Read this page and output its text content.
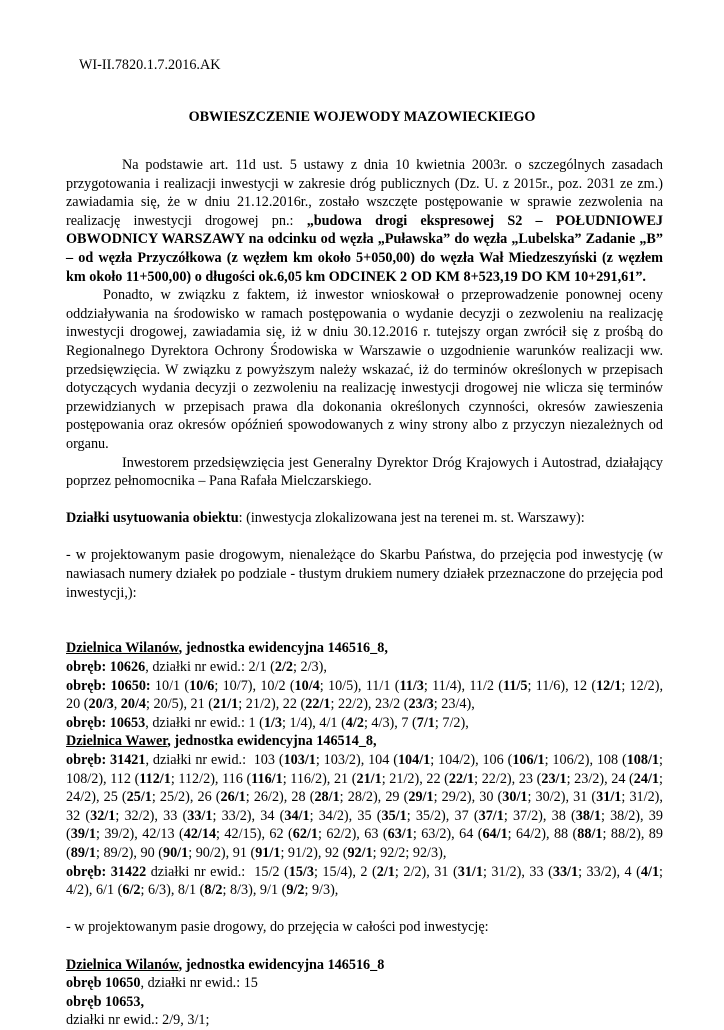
WI-II.7820.1.7.2016.AK
OBWIESZCZENIE WOJEWODY MAZOWIECKIEGO

Na podstawie art. 11d ust. 5 ustawy z dnia 10 kwietnia 2003r. o szczególnych zasadach przygotowania i realizacji inwestycji w zakresie dróg publicznych (Dz. U. z 2015r., poz. 2031 ze zm.) zawiadamia się, że w dniu 21.12.2016r., zostało wszczęte postępowanie w sprawie zezwolenia na realizację inwestycji drogowej pn.: „budowa drogi ekspresowej S2 – POŁUDNIOWEJ OBWODNICY WARSZAWY na odcinku od węzła „Puławska” do węzła „Lubelska” Zadanie „B” – od węzła Przyczółkowa (z węzłem km około 5+050,00) do węzła Wał Miedzeszyński (z węzłem km około 11+500,00) o długości ok.6,05 km ODCINEK 2 OD KM 8+523,19 DO KM 10+291,61”.

Ponadto, w związku z faktem, iż inwestor wnioskował o przeprowadzenie ponownej oceny oddziaływania na środowisko w ramach postępowania o wydanie decyzji o zezwoleniu na realizację inwestycji drogowej, zawiadamia się, iż w dniu 30.12.2016 r. tutejszy organ zwrócił się z prośbą do Regionalnego Dyrektora Ochrony Środowiska w Warszawie o uzgodnienie warunków realizacji ww. przedsięwzięcia. W związku z powyższym należy wskazać, iż do terminów określonych w przepisach dotyczących wydania decyzji o zezwoleniu na realizację inwestycji drogowej nie wlicza się terminów przewidzianych w przepisach prawa dla dokonania określonych czynności, okresów zawieszenia postępowania oraz okresów opóźnień spowodowanych z winy strony albo z przyczyn niezależnych od organu.

Inwestorem przedsięwzięcia jest Generalny Dyrektor Dróg Krajowych i Autostrad, działający poprzez pełnomocnika – Pana Rafała Mielczarskiego.

Działki usytuowania obiektu: (inwestycja zlokalizowana jest na terenei m. st. Warszawy):

- w projektowanym pasie drogowym, nienależące do Skarbu Państwa, do przejęcia pod inwestycję (w nawiasach numery działek po podziale - tłustym drukiem numery działek przeznaczone do przejęcia pod inwestycji,):

Dzielnica Wilanów, jednostka ewidencyjna 146516_8,

obręb: 10626, działki nr ewid.: 2/1 (2/2; 2/3),

obręb: 10650: 10/1 (10/6; 10/7), 10/2 (10/4; 10/5), 11/1 (11/3; 11/4), 11/2 (11/5; 11/6), 12 (12/1; 12/2), 20 (20/3, 20/4; 20/5), 21 (21/1; 21/2), 22 (22/1; 22/2), 23/2 (23/3; 23/4),

obręb: 10653, działki nr ewid.: 1 (1/3; 1/4), 4/1 (4/2; 4/3), 7 (7/1; 7/2),

Dzielnica Wawer, jednostka ewidencyjna 146514_8,

obręb: 31421, działki nr ewid.:  103 (103/1; 103/2), 104 (104/1; 104/2), 106 (106/1; 106/2), 108 (108/1; 108/2), 112 (112/1; 112/2), 116 (116/1; 116/2), 21 (21/1; 21/2), 22 (22/1; 22/2), 23 (23/1; 23/2), 24 (24/1; 24/2), 25 (25/1; 25/2), 26 (26/1; 26/2), 28 (28/1; 28/2), 29 (29/1; 29/2), 30 (30/1; 30/2), 31 (31/1; 31/2), 32 (32/1; 32/2), 33 (33/1; 33/2), 34 (34/1; 34/2), 35 (35/1; 35/2), 37 (37/1; 37/2), 38 (38/1; 38/2), 39 (39/1; 39/2), 42/13 (42/14; 42/15), 62 (62/1; 62/2), 63 (63/1; 63/2), 64 (64/1; 64/2), 88 (88/1; 88/2), 89 (89/1; 89/2), 90 (90/1; 90/2), 91 (91/1; 91/2), 92 (92/1; 92/2; 92/3),

obręb: 31422 działki nr ewid.:  15/2 (15/3; 15/4), 2 (2/1; 2/2), 31 (31/1; 31/2), 33 (33/1; 33/2), 4 (4/1; 4/2), 6/1 (6/2; 6/3), 8/1 (8/2; 8/3), 9/1 (9/2; 9/3),

- w projektowanym pasie drogowy, do przejęcia w całości pod inwestycję:

Dzielnica Wilanów, jednostka ewidencyjna 146516_8

obręb 10650, działki nr ewid.: 15

obręb 10653,

działki nr ewid.: 2/9, 3/1;
